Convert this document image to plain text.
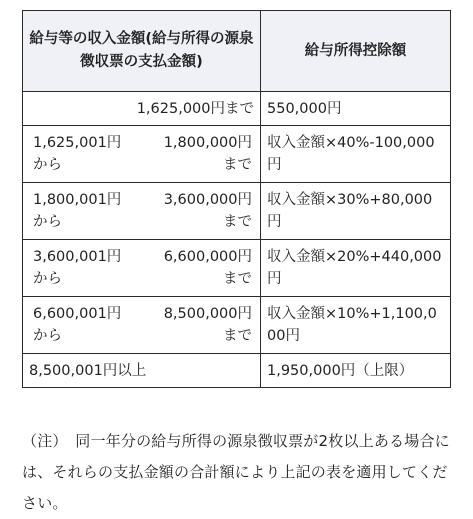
給与等の収入金額(給与所得の源泉徴収票の支払金額)	給与所得控除額
1,625,000円まで	550,000円

1,625,001円
から
1,800,000円
まで	収入金額×40%-100,000円

1,800,001円
から
3,600,000円
まで	収入金額×30%+80,000円

3,600,001円
から
6,600,000円
まで	収入金額×20%+440,000円

6,600,001円
から
8,500,000円
まで	収入金額×10%+1,100,000円
8,500,001円以上	1,950,000円（上限）

（注）　同一年分の給与所得の源泉徴収票が2枚以上ある場合には、それらの支払金額の合計額により上記の表を適用してください。
